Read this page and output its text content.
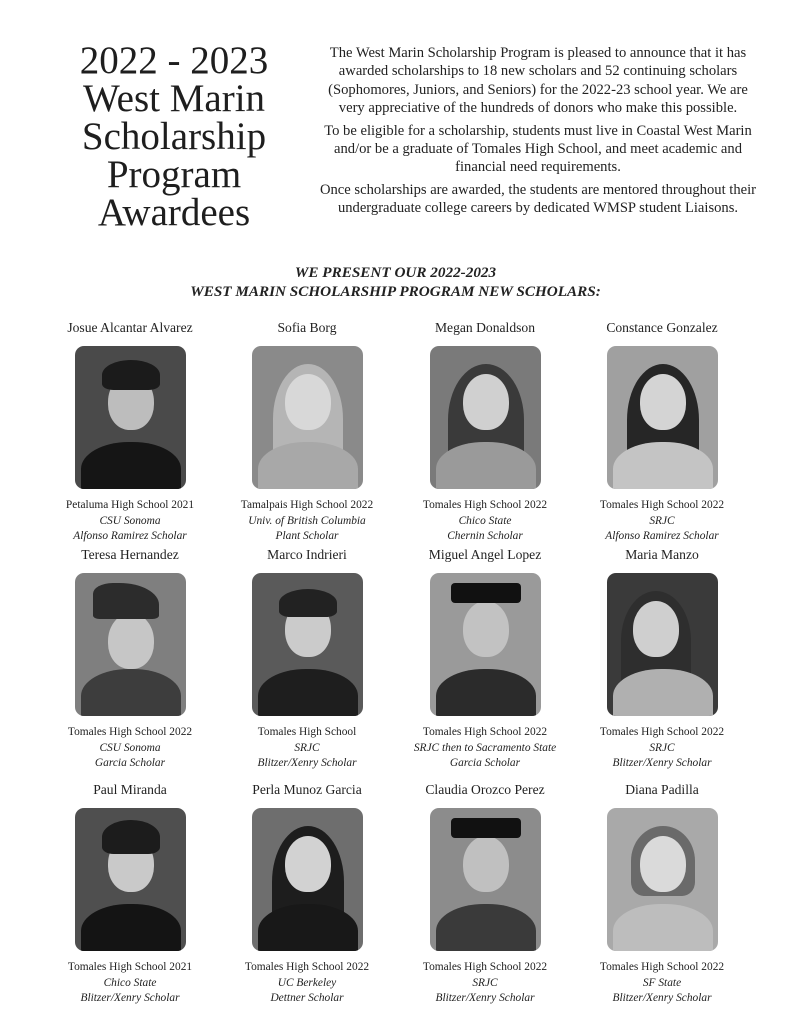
2022 - 2023
West Marin
Scholarship
Program
Awardees

The West Marin Scholarship Program is pleased to announce that it has awarded scholarships to 18 new scholars and 52 continuing scholars (Sophomores, Juniors, and Seniors) for the 2022-23 school year. We are very appreciative of the hundreds of donors who make this possible.

To be eligible for a scholarship, students must live in Coastal West Marin and/or be a graduate of Tomales High School, and meet academic and financial need requirements.

Once scholarships are awarded, the students are mentored throughout their undergraduate college careers by dedicated WMSP student Liaisons.

WE PRESENT OUR 2022-2023
WEST MARIN SCHOLARSHIP PROGRAM NEW SCHOLARS:
Josue Alcantar Alvarez
Petaluma High School 2021
CSU Sonoma
Alfonso Ramirez Scholar
Sofia Borg
Tamalpais High School 2022
Univ. of British Columbia
Plant Scholar
Megan Donaldson
Tomales High School 2022
Chico State
Chernin Scholar
Constance Gonzalez
Tomales High School 2022
SRJC
Alfonso Ramirez Scholar
Teresa Hernandez
Tomales High School 2022
CSU Sonoma
Garcia Scholar
Marco Indrieri
Tomales High School
SRJC
Blitzer/Xenry Scholar
Miguel Angel Lopez
Tomales High School 2022
SRJC then to Sacramento State
Garcia Scholar
Maria Manzo
Tomales High School 2022
SRJC
Blitzer/Xenry Scholar
Paul Miranda
Tomales High School 2021
Chico State
Blitzer/Xenry Scholar
Perla Munoz Garcia
Tomales High School 2022
UC Berkeley
Dettner Scholar
Claudia Orozco Perez
Tomales High School 2022
SRJC
Blitzer/Xenry Scholar
Diana Padilla
Tomales High School 2022
SF State
Blitzer/Xenry Scholar
